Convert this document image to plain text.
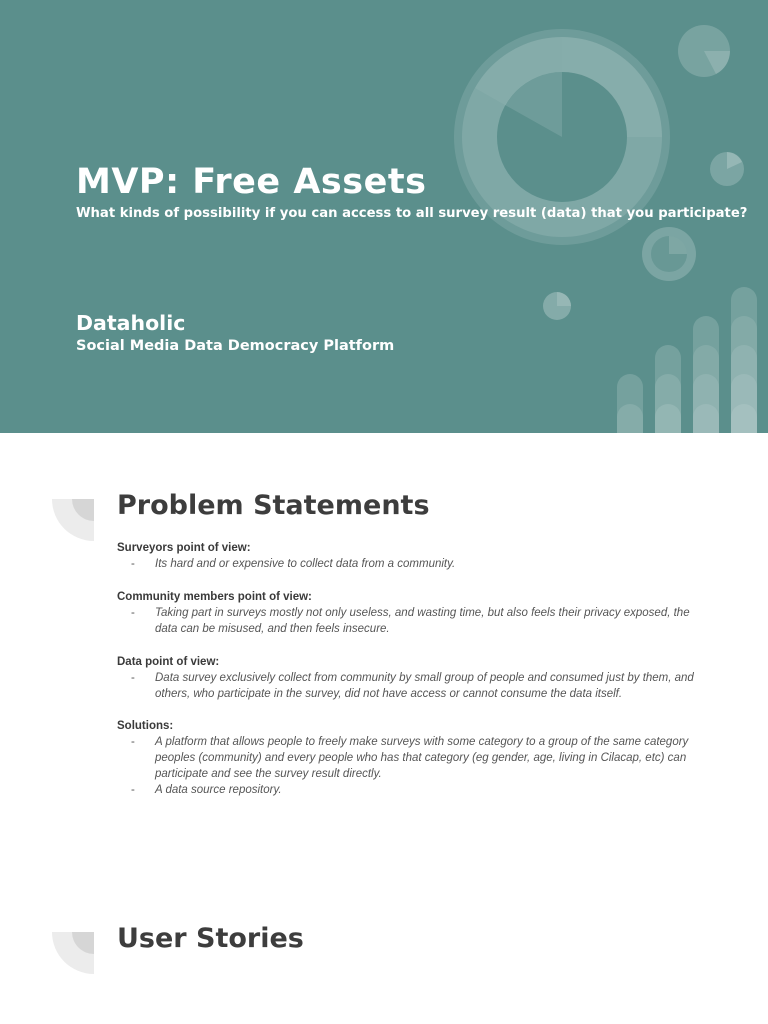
MVP: Free Assets
What kinds of possibility if you can access to all survey result (data) that you participate?
Dataholic
Social Media Data Democracy Platform
Problem Statements
Surveyors point of view:
- Its hard and or expensive to collect data from a community.
Community members point of view:
- Taking part in surveys mostly not only useless, and wasting time, but also feels their privacy exposed, the data can be misused, and then feels insecure.
Data point of view:
- Data survey exclusively collect from community by small group of people and consumed just by them, and others, who participate in the survey, did not have access or cannot consume the data itself.
Solutions:
- A platform that allows people to freely make surveys with some category to a group of the same category peoples (community) and every people who has that category (eg gender, age, living in Cilacap, etc) can participate and see the survey result directly.
- A data source repository.
User Stories
